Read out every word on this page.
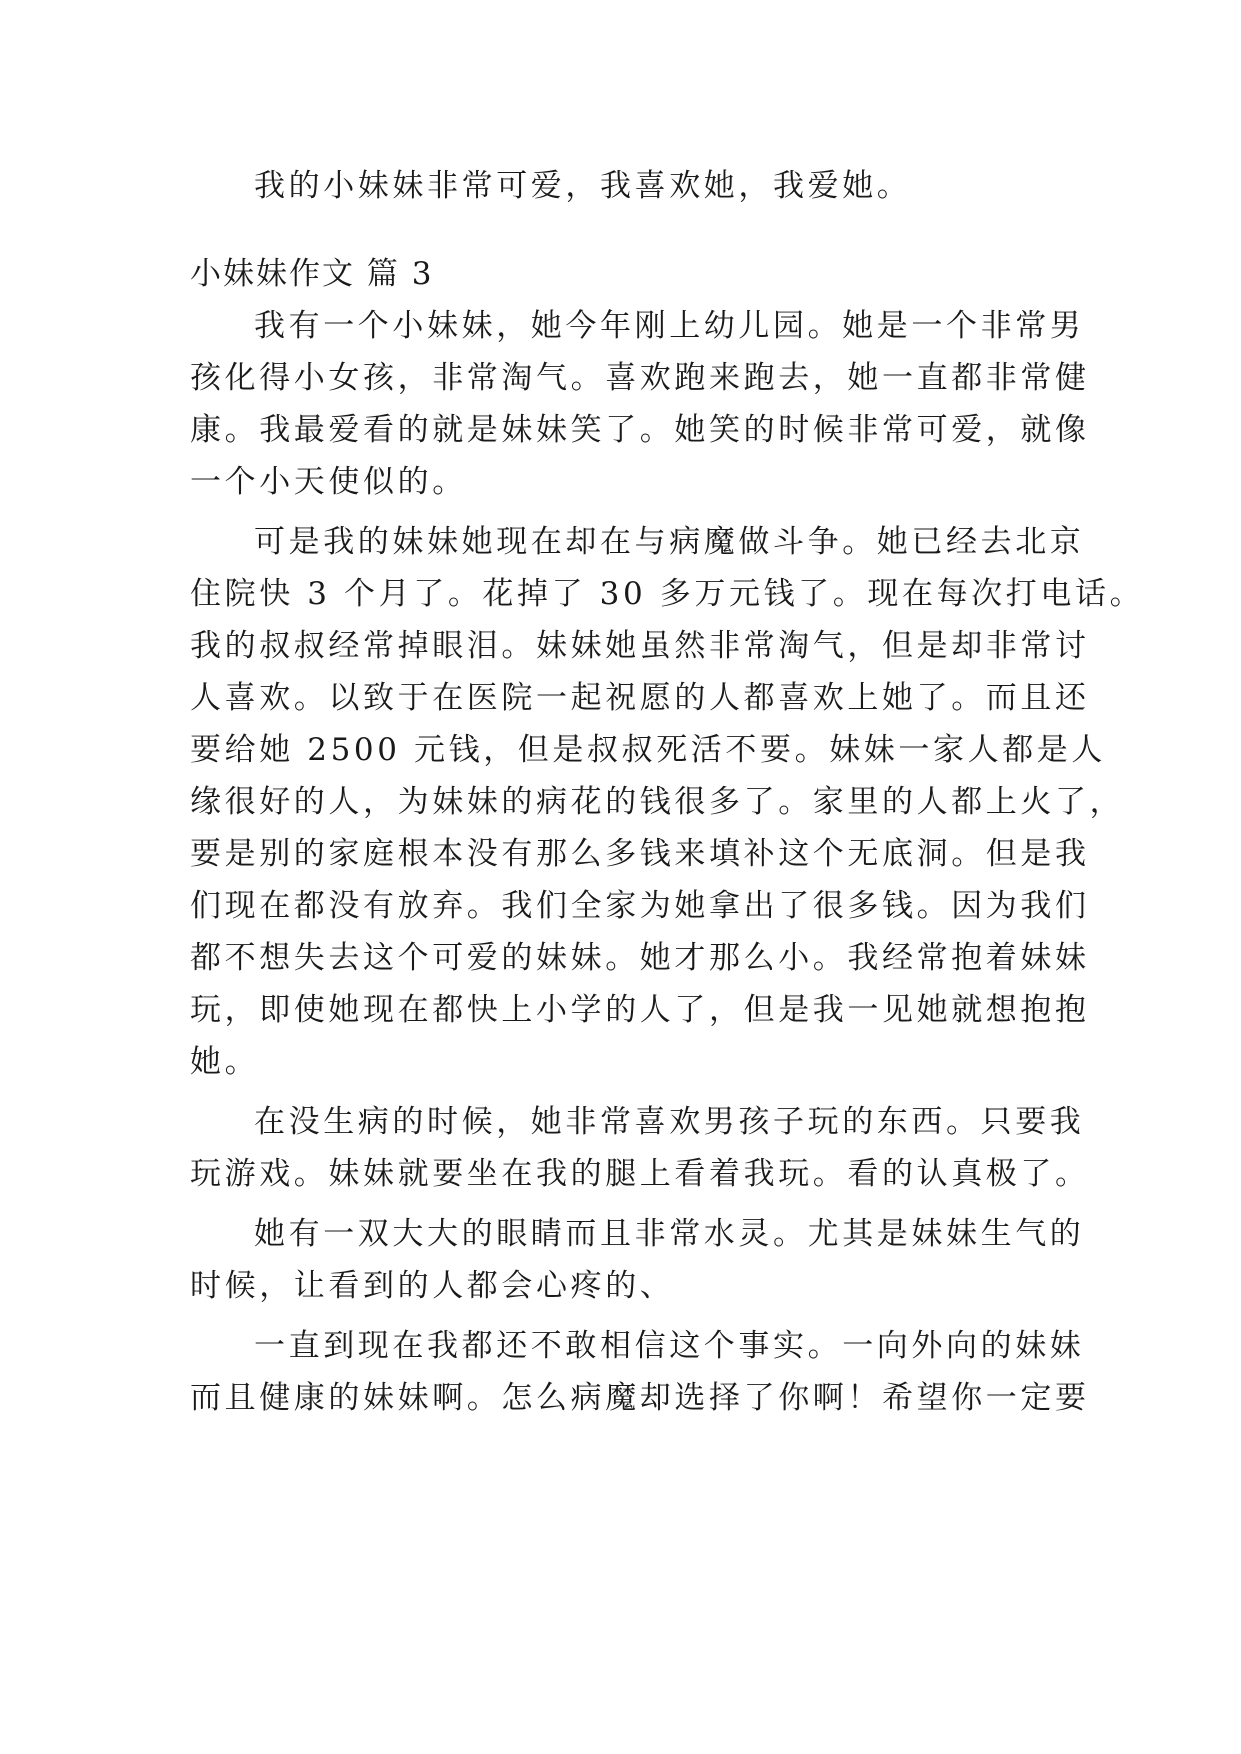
我的小妹妹非常可爱，我喜欢她，我爱她。
小妹妹作文 篇 3
我有一个小妹妹，她今年刚上幼儿园。她是一个非常男
孩化得小女孩，非常淘气。喜欢跑来跑去，她一直都非常健
康。我最爱看的就是妹妹笑了。她笑的时候非常可爱，就像
一个小天使似的。
可是我的妹妹她现在却在与病魔做斗争。她已经去北京
住院快 3 个月了。花掉了 30 多万元钱了。现在每次打电话。
我的叔叔经常掉眼泪。妹妹她虽然非常淘气，但是却非常讨
人喜欢。以致于在医院一起祝愿的人都喜欢上她了。而且还
要给她 2500 元钱，但是叔叔死活不要。妹妹一家人都是人
缘很好的人，为妹妹的病花的钱很多了。家里的人都上火了，
要是别的家庭根本没有那么多钱来填补这个无底洞。但是我
们现在都没有放弃。我们全家为她拿出了很多钱。因为我们
都不想失去这个可爱的妹妹。她才那么小。我经常抱着妹妹
玩，即使她现在都快上小学的人了，但是我一见她就想抱抱
她。
在没生病的时候，她非常喜欢男孩子玩的东西。只要我
玩游戏。妹妹就要坐在我的腿上看着我玩。看的认真极了。
她有一双大大的眼睛而且非常水灵。尤其是妹妹生气的
时候，让看到的人都会心疼的、
一直到现在我都还不敢相信这个事实。一向外向的妹妹
而且健康的妹妹啊。怎么病魔却选择了你啊！希望你一定要
